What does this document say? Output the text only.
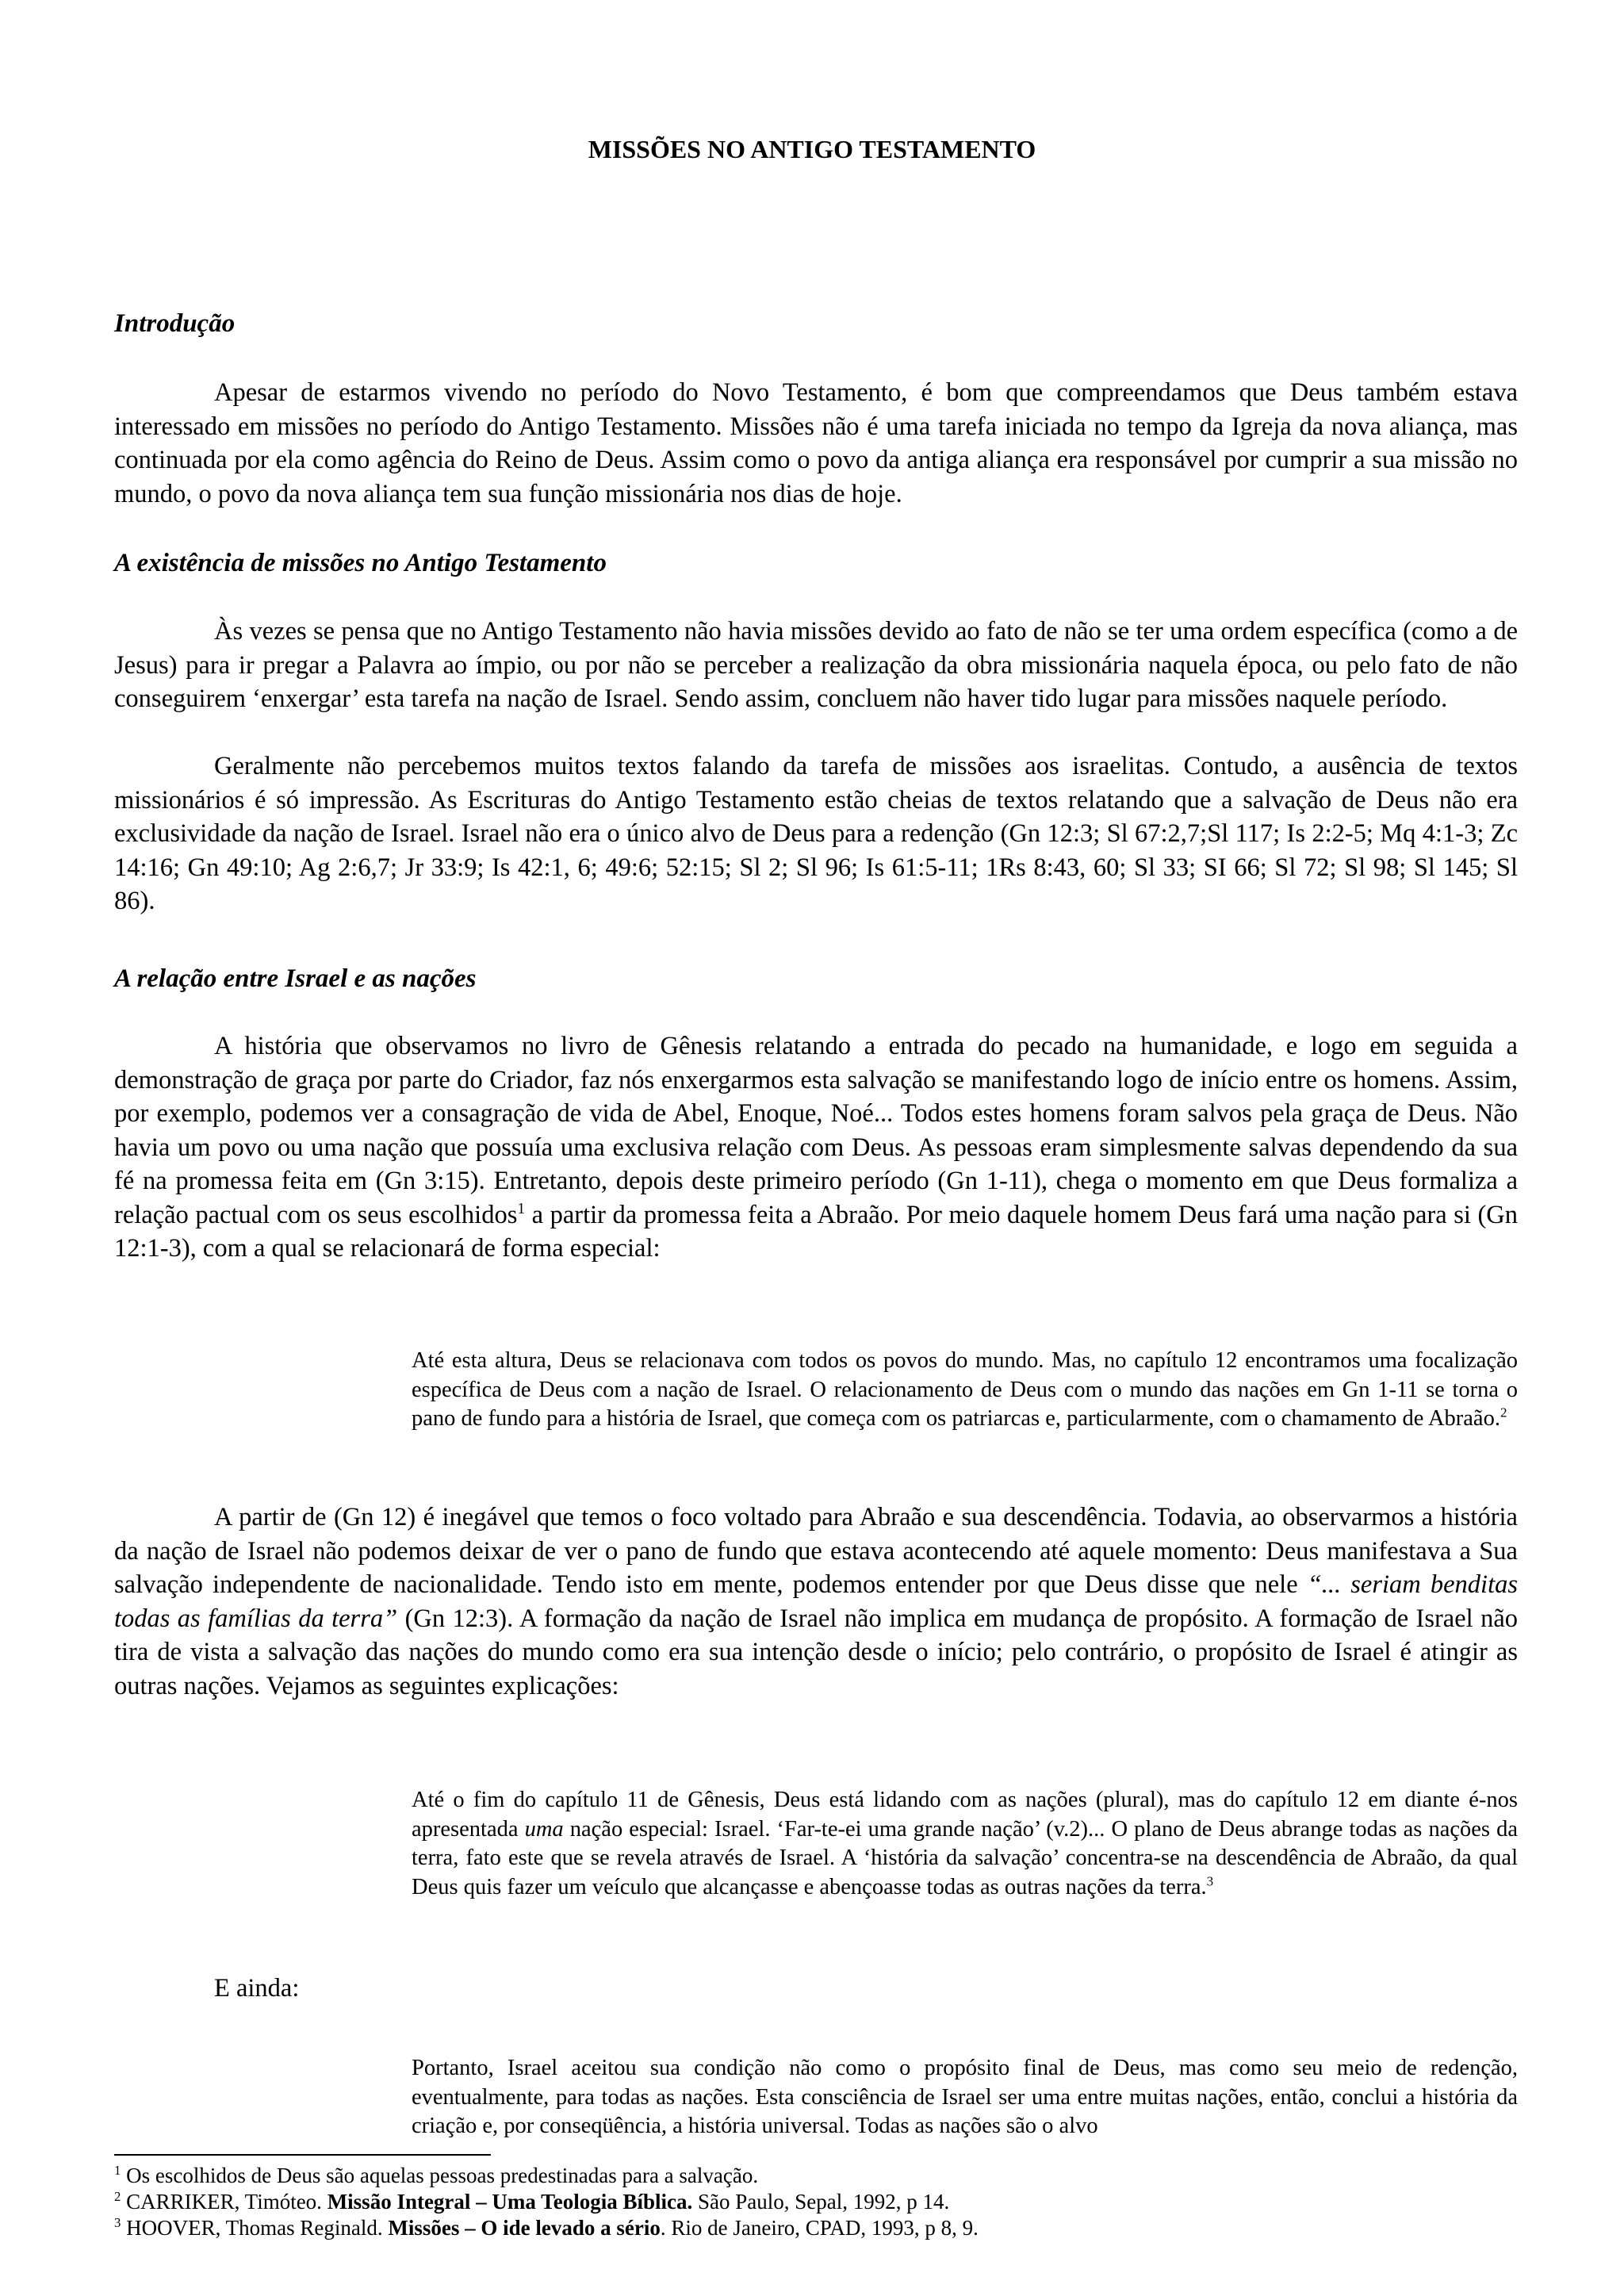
MISSÕES NO ANTIGO TESTAMENTO
Introdução

Apesar de estarmos vivendo no período do Novo Testamento, é bom que compreendamos que Deus também estava interessado em missões no período do Antigo Testamento. Missões não é uma tarefa iniciada no tempo da Igreja da nova aliança, mas continuada por ela como agência do Reino de Deus. Assim como o povo da antiga aliança era responsável por cumprir a sua missão no mundo, o povo da nova aliança tem sua função missionária nos dias de hoje.

A existência de missões no Antigo Testamento

Às vezes se pensa que no Antigo Testamento não havia missões devido ao fato de não se ter uma ordem específica (como a de Jesus) para ir pregar a Palavra ao ímpio, ou por não se perceber a realização da obra missionária naquela época, ou pelo fato de não conseguirem ‘enxergar’ esta tarefa na nação de Israel. Sendo assim, concluem não haver tido lugar para missões naquele período.

Geralmente não percebemos muitos textos falando da tarefa de missões aos israelitas. Contudo, a ausência de textos missionários é só impressão. As Escrituras do Antigo Testamento estão cheias de textos relatando que a salvação de Deus não era exclusividade da nação de Israel. Israel não era o único alvo de Deus para a redenção (Gn 12:3; Sl 67:2,7;Sl 117; Is 2:2-5; Mq 4:1-3; Zc 14:16; Gn 49:10; Ag 2:6,7; Jr 33:9; Is 42:1, 6; 49:6; 52:15; Sl 2; Sl 96; Is 61:5-11; 1Rs 8:43, 60; Sl 33; SI 66; Sl 72; Sl 98; Sl 145; Sl 86).

A relação entre Israel e as nações

A história que observamos no livro de Gênesis relatando a entrada do pecado na humanidade, e logo em seguida a demonstração de graça por parte do Criador, faz nós enxergarmos esta salvação se manifestando logo de início entre os homens. Assim, por exemplo, podemos ver a consagração de vida de Abel, Enoque, Noé... Todos estes homens foram salvos pela graça de Deus. Não havia um povo ou uma nação que possuía uma exclusiva relação com Deus. As pessoas eram simplesmente salvas dependendo da sua fé na promessa feita em (Gn 3:15). Entretanto, depois deste primeiro período (Gn 1-11), chega o momento em que Deus formaliza a relação pactual com os seus escolhidos$^1$ a partir da promessa feita a Abraão. Por meio daquele homem Deus fará uma nação para si (Gn 12:1-3), com a qual se relacionará de forma especial:

Até esta altura, Deus se relacionava com todos os povos do mundo. Mas, no capítulo 12 encontramos uma focalização específica de Deus com a nação de Israel. O relacionamento de Deus com o mundo das nações em Gn 1-11 se torna o pano de fundo para a história de Israel, que começa com os patriarcas e, particularmente, com o chamamento de Abraão.$^2$

A partir de (Gn 12) é inegável que temos o foco voltado para Abraão e sua descendência. Todavia, ao observarmos a história da nação de Israel não podemos deixar de ver o pano de fundo que estava acontecendo até aquele momento: Deus manifestava a Sua salvação independente de nacionalidade. Tendo isto em mente, podemos entender por que Deus disse que nele “... seriam benditas todas as famílias da terra” (Gn 12:3). A formação da nação de Israel não implica em mudança de propósito. A formação de Israel não tira de vista a salvação das nações do mundo como era sua intenção desde o início; pelo contrário, o propósito de Israel é atingir as outras nações. Vejamos as seguintes explicações:

Até o fim do capítulo 11 de Gênesis, Deus está lidando com as nações (plural), mas do capítulo 12 em diante é-nos apresentada uma nação especial: Israel. ‘Far-te-ei uma grande nação’ (v.2)... O plano de Deus abrange todas as nações da terra, fato este que se revela através de Israel. A ‘história da salvação’ concentra-se na descendência de Abraão, da qual Deus quis fazer um veículo que alcançasse e abençoasse todas as outras nações da terra.$^3$

E ainda:

Portanto, Israel aceitou sua condição não como o propósito final de Deus, mas como seu meio de redenção, eventualmente, para todas as nações. Esta consciência de Israel ser uma entre muitas nações, então, conclui a história da criação e, por conseqüência, a história universal. Todas as nações são o alvo

$^1$ Os escolhidos de Deus são aquelas pessoas predestinadas para a salvação.
$^2$ CARRIKER, Timóteo. Missão Integral – Uma Teologia Bíblica. São Paulo, Sepal, 1992, p 14.
$^3$ HOOVER, Thomas Reginald. Missões – O ide levado a sério. Rio de Janeiro, CPAD, 1993, p 8, 9.
